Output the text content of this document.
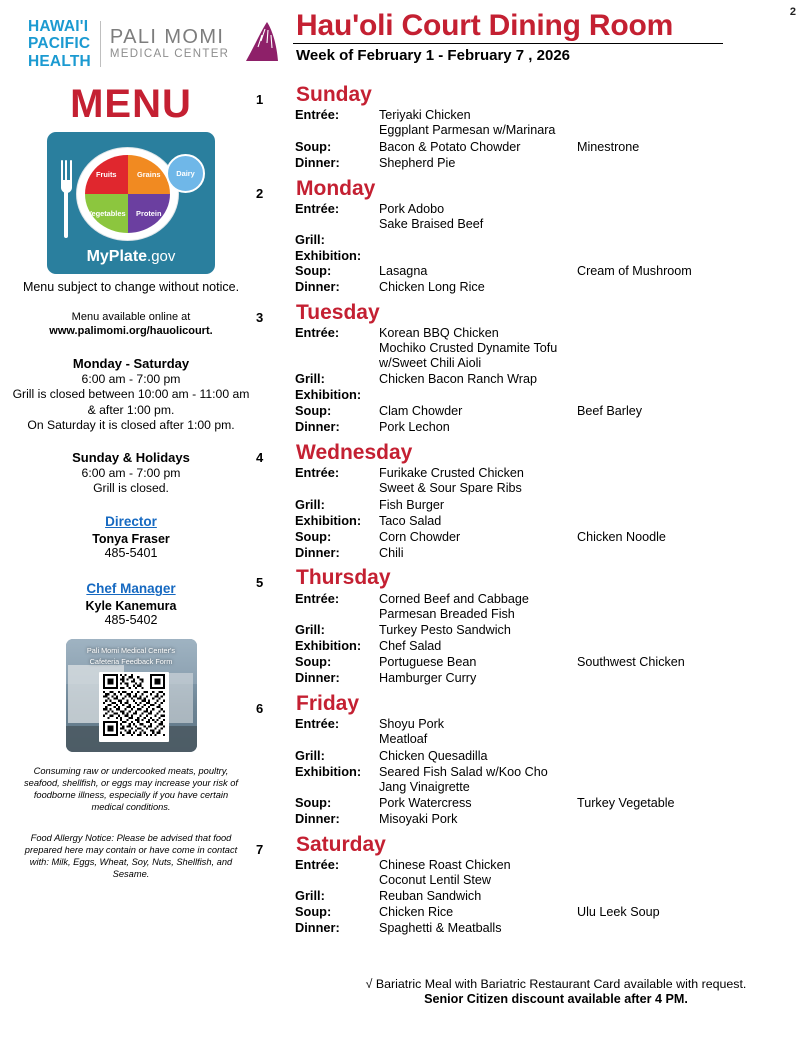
2
HAWAI'I
PACIFIC
HEALTH
PALI MOMI
MEDICAL CENTER
Hau'oli Court Dining Room
Week of February 1 - February 7 , 2026
MENU
Fruits	Grains
Vegetables	Protein
Dairy
MyPlate.gov
Menu subject to change without notice.
Menu available online at
www.palimomi.org/hauolicourt.
Monday - Saturday
6:00 am - 7:00 pm
Grill is closed between 10:00 am - 11:00 am & after 1:00 pm.
On Saturday it is closed after 1:00 pm.
Sunday & Holidays
6:00 am - 7:00 pm
Grill is closed.
Director
Tonya Fraser
485-5401
Chef Manager
Kyle Kanemura
485-5402
Pali Momi Medical Center's
Cafeteria Feedback Form
Consuming raw or undercooked meats, poultry, seafood, shellfish, or eggs may increase your risk of foodborne illness, especially if you have certain medical conditions.
Food Allergy Notice: Please be advised that food prepared here may contain or have come in contact with: Milk, Eggs, Wheat, Soy, Nuts, Shellfish, and Sesame.
1 Sunday
Entrée:	Teriyaki Chicken
Eggplant Parmesan w/Marinara
Soup:	Bacon & Potato Chowder	Minestrone
Dinner:	Shepherd Pie
2 Monday
Entrée:	Pork Adobo
Sake Braised Beef
Grill:
Exhibition:
Soup:	Lasagna	Cream of Mushroom
Dinner:	Chicken Long Rice
3 Tuesday
Entrée:	Korean BBQ Chicken
Mochiko Crusted Dynamite Tofu w/Sweet Chili Aioli
Grill:	Chicken Bacon Ranch Wrap
Exhibition:
Soup:	Clam Chowder	Beef Barley
Dinner:	Pork Lechon
4 Wednesday
Entrée:	Furikake Crusted Chicken
Sweet & Sour Spare Ribs
Grill:	Fish Burger
Exhibition:	Taco Salad
Soup:	Corn Chowder	Chicken Noodle
Dinner:	Chili
5 Thursday
Entrée:	Corned Beef and Cabbage
Parmesan Breaded Fish
Grill:	Turkey Pesto Sandwich
Exhibition:	Chef Salad
Soup:	Portuguese Bean	Southwest Chicken
Dinner:	Hamburger Curry
6 Friday
Entrée:	Shoyu Pork
Meatloaf
Grill:	Chicken Quesadilla
Exhibition:	Seared Fish Salad w/Koo Cho Jang Vinaigrette
Soup:	Pork Watercress	Turkey Vegetable
Dinner:	Misoyaki Pork
7 Saturday
Entrée:	Chinese Roast Chicken
Coconut Lentil Stew
Grill:	Reuban Sandwich
Soup:	Chicken Rice	Ulu Leek Soup
Dinner:	Spaghetti & Meatballs
√ Bariatric Meal with Bariatric Restaurant Card available with request.
Senior Citizen discount available after 4 PM.
